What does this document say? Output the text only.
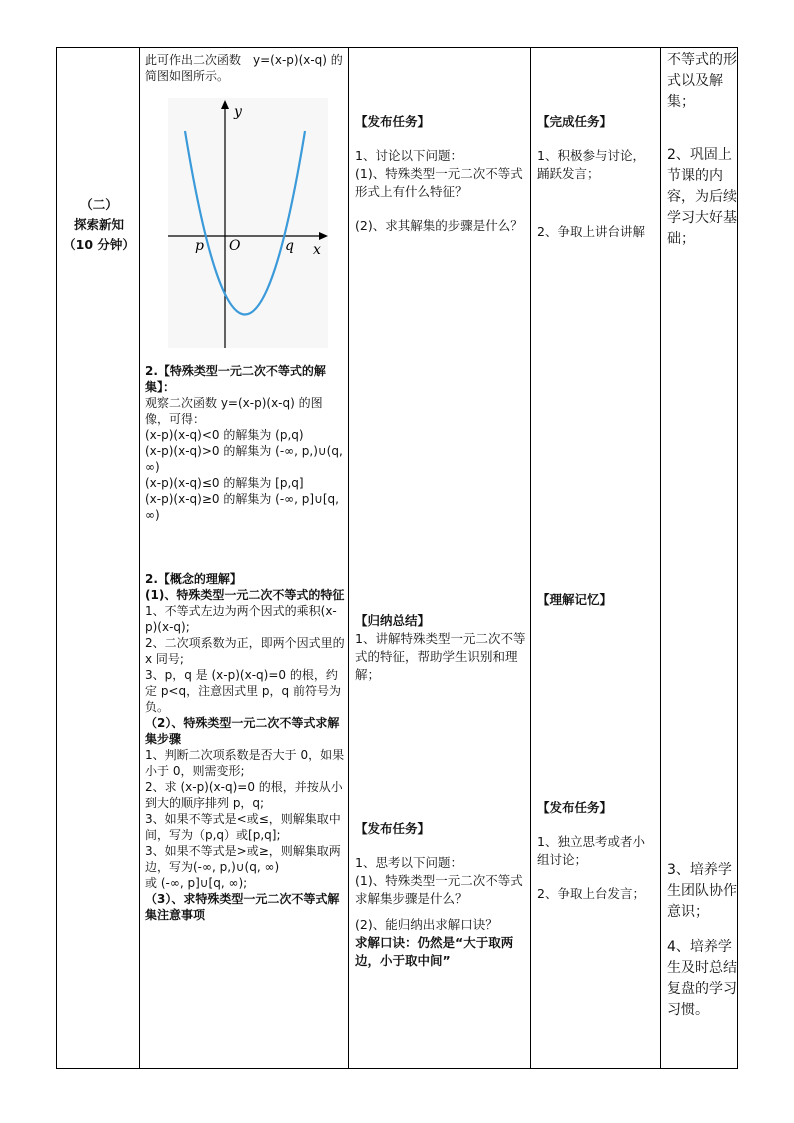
（二）
探索新知
（10 分钟）

此可作出二次函数　y=(x-p)(x-q) 的简图如图所示。

y
x
p O	q

2.【特殊类型一元二次不等式的解集】：

观察二次函数 y=(x-p)(x-q) 的图像，可得：

(x-p)(x-q)<0 的解集为 (p,q)

(x-p)(x-q)>0 的解集为 (-∞, p,)∪(q, ∞)

(x-p)(x-q)≤0 的解集为 [p,q]

(x-p)(x-q)≥0 的解集为 (-∞, p]∪[q, ∞)

2.【概念的理解】

(1)、特殊类型一元二次不等式的特征

1、不等式左边为两个因式的乘积(x-p)(x-q);

2、二次项系数为正，即两个因式里的 x 同号;

3、p，q 是 (x-p)(x-q)=0 的根，约定 p<q，注意因式里 p，q 前符号为负。

（2）、特殊类型一元二次不等式求解集步骤

1、判断二次项系数是否大于 0，如果小于 0，则需变形;

2、求 (x-p)(x-q)=0 的根，并按从小到大的顺序排列 p，q;

3、如果不等式是<或≤，则解集取中间，写为（p,q）或[p,q];

3、如果不等式是>或≥，则解集取两边，写为(-∞, p,)∪(q, ∞)

或 (-∞, p]∪[q, ∞);

（3）、求特殊类型一元二次不等式解集注意事项

【发布任务】
1、讨论以下问题：
(1)、特殊类型一元二次不等式形式上有什么特征？
(2)、求其解集的步骤是什么？
【归纳总结】
1、讲解特殊类型一元二次不等式的特征，帮助学生识别和理解；
【发布任务】
1、思考以下问题：
(1)、特殊类型一元二次不等式求解集步骤是什么？
(2)、能归纳出求解口诀？
求解口诀：仍然是“大于取两边，小于取中间”
【完成任务】
1、积极参与讨论，踊跃发言；
2、争取上讲台讲解
【理解记忆】
【发布任务】
1、独立思考或者小组讨论；
2、争取上台发言；
不等式的形式以及解集；
2、巩固上节课的内容，为后续学习大好基础；
3、培养学生团队协作意识；
4、培养学生及时总结复盘的学习习惯。
